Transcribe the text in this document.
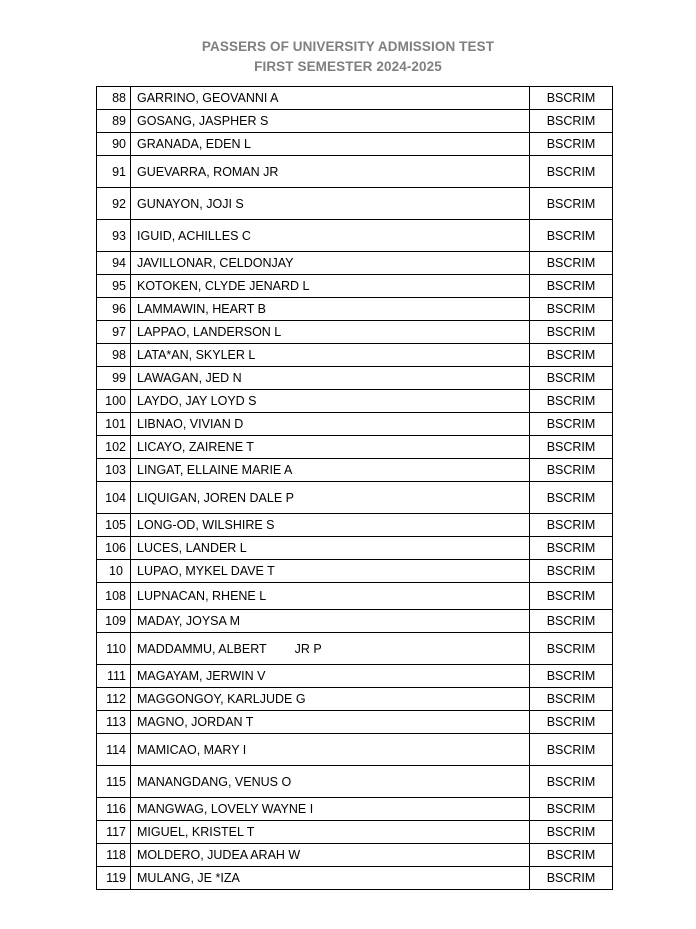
PASSERS OF UNIVERSITY ADMISSION TEST
FIRST SEMESTER 2024-2025
88	GARRINO, GEOVANNI A	BSCRIM
89	GOSANG, JASPHER S	BSCRIM
90	GRANADA, EDEN L	BSCRIM
91	GUEVARRA, ROMAN JR	BSCRIM
92	GUNAYON, JOJI S	BSCRIM
93	IGUID, ACHILLES C	BSCRIM
94	JAVILLONAR, CELDONJAY	BSCRIM
95	KOTOKEN, CLYDE JENARD L	BSCRIM
96	LAMMAWIN, HEART B	BSCRIM
97	LAPPAO, LANDERSON L	BSCRIM
98	LATA*AN, SKYLER L	BSCRIM
99	LAWAGAN, JED N	BSCRIM
100	LAYDO, JAY LOYD S	BSCRIM
101	LIBNAO, VIVIAN D	BSCRIM
102	LICAYO, ZAIRENE T	BSCRIM
103	LINGAT, ELLAINE MARIE A	BSCRIM
104	LIQUIGAN, JOREN DALE P	BSCRIM
105	LONG-OD, WILSHIRE S	BSCRIM
106	LUCES, LANDER L	BSCRIM
10	LUPAO, MYKEL DAVE T	BSCRIM
108	LUPNACAN, RHENE L	BSCRIM
109	MADAY, JOYSA M	BSCRIM
110	MADDAMMU, ALBERT JR P	BSCRIM
111	MAGAYAM, JERWIN V	BSCRIM
112	MAGGONGOY, KARLJUDE G	BSCRIM
113	MAGNO, JORDAN T	BSCRIM
114	MAMICAO, MARY I	BSCRIM
115	MANANGDANG, VENUS O	BSCRIM
116	MANGWAG, LOVELY WAYNE I	BSCRIM
117	MIGUEL, KRISTEL T	BSCRIM
118	MOLDERO, JUDEA ARAH W	BSCRIM
119	MULANG, JE *IZA	BSCRIM
